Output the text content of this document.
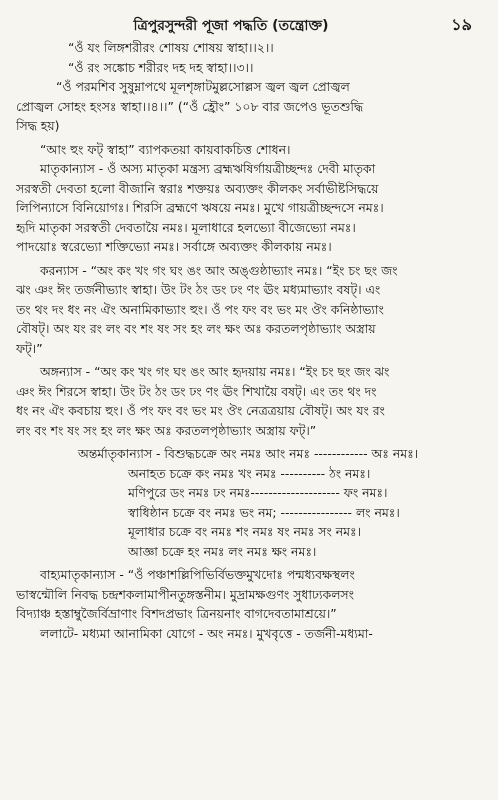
ত্রিপুরসুন্দরী পূজা পদ্ধতি (তন্ত্রোক্ত)	১৯
“ওঁ যং লিঙ্গশরীরং শোষয় শোষয় স্বাহা।।২।।
“ওঁ রং সঙ্কোচ শরীরং দহ দহ স্বাহা।।৩।।
“ওঁ পরমশিব সুষুম্নাপথে মূলশৃঙ্গাটমুল্লসোল্লস জ্বল জ্বল প্রোজ্বল
প্রোজ্বল সোহং হংসঃ স্বাহা।।৪।।” (“ওঁ হ্রৌং” ১০৮ বার জপেও ভূতশুদ্ধি
সিদ্ধ হয়)
“আং হুং ফট্‌ স্বাহা” ব্যাপকতয়া কায়বাকচিত্ত শোধন।
মাতৃকান্যাস - ওঁ অস্য মাতৃকা মন্ত্রস্য ব্রহ্মঋষির্গায়ত্রীচ্ছন্দঃ দেবী মাতৃকা
সরস্বতী দেবতা হলো বীজানি স্বরাঃ শক্তয়ঃ অব্যক্তং কীলকং সর্বাভীষ্টসিদ্ধয়ে
লিপিন্যাসে বিনিয়োগঃ। শিরসি ব্রহ্মণে ঋষয়ে নমঃ। মুখে গায়ত্রীচ্ছন্দসে নমঃ।
হৃদি মাতৃকা সরস্বতী দেবতায়ৈ নমঃ। মূলাধারে হলভ্যো বীজেভ্যো নমঃ।
পাদয়োঃ স্বরেভ্যো শক্তিভ্যো নমঃ। সর্বাঙ্গে অব্যক্তং কীলকায় নমঃ।
করন্যাস - “অং কং খং গং ঘং ঙং আং অঙ্গুষ্ঠাভ্যাং নমঃ। “ইং চং ছং জং
ঝং ঞং ঈং তর্জনীভ্যাং স্বাহা। উং টং ঠং ডং ঢং ণং ঊং মধ্যমাভ্যাং বষট্‌। এং
তং থং দং ধং নং ঐং অনামিকাভ্যাং হুং। ওঁ পং ফং বং ভং মং ঔং কনিষ্ঠাভ্যাং
বৌষট্‌। অং যং রং লং বং শং ষং সং হং লং ক্ষং অঃ করতলপৃষ্ঠাভ্যাং অস্ত্রায়
ফট্‌।”
অঙ্গন্যাস - “অং কং খং গং ঘং ঙং আং হৃদয়ায় নমঃ। “ইং চং ছং জং ঝং
ঞং ঈং শিরসে স্বাহা। উং টং ঠং ডং ঢং ণং ঊং শিখায়ৈ বষট্‌। এং তং থং দং
ধং নং ঐং কবচায় হুং। ওঁ পং ফং বং ভং মং ঔং নেত্রত্রয়ায় বৌষট্‌। অং যং রং
লং বং শং ষং সং হং লং ক্ষং অঃ করতলপৃষ্ঠাভ্যাং অস্ত্রায় ফট্‌।”
অন্তর্মাতৃকান্যাস - বিশুদ্ধচক্রে অং নমঃ আং নমঃ ------------ অঃ নমঃ।
অনাহত চক্রে কং নমঃ খং নমঃ ---------- ঠং নমঃ।
মণিপুরে ডং নমঃ ঢং নমঃ-------------------- ফং নমঃ।
স্বাধিষ্ঠান চক্রে বং নমঃ ভং নম; ---------------- লং নমঃ।
মূলাধার চক্রে বং নমঃ শং নমঃ ষং নমঃ সং নমঃ।
আজ্ঞা চক্রে হং নমঃ লং নমঃ ক্ষং নমঃ।
বাহ্যমাতৃকান্যাস - “ওঁ পঞ্চাশল্লিপিভির্বিভক্তমুখদোঃ পন্মধ্যবক্ষস্থলং
ভাস্বন্মৌলি নিবদ্ধ চন্দ্রশকলামাপীনতুঙ্গস্তনীম। মুদ্রামক্ষগুণং সুধাঢ্যকলসং
বিদ্যাঞ্চ হস্তাম্বুজৈর্বিভ্রাণাং বিশদপ্রভাং ত্রিনয়নাং বাগদেবতামাশ্রয়ে।”
ললাটে- মধ্যমা আনামিকা যোগে - অং নমঃ। মুখবৃত্তে - তর্জনী-মধ্যমা-
